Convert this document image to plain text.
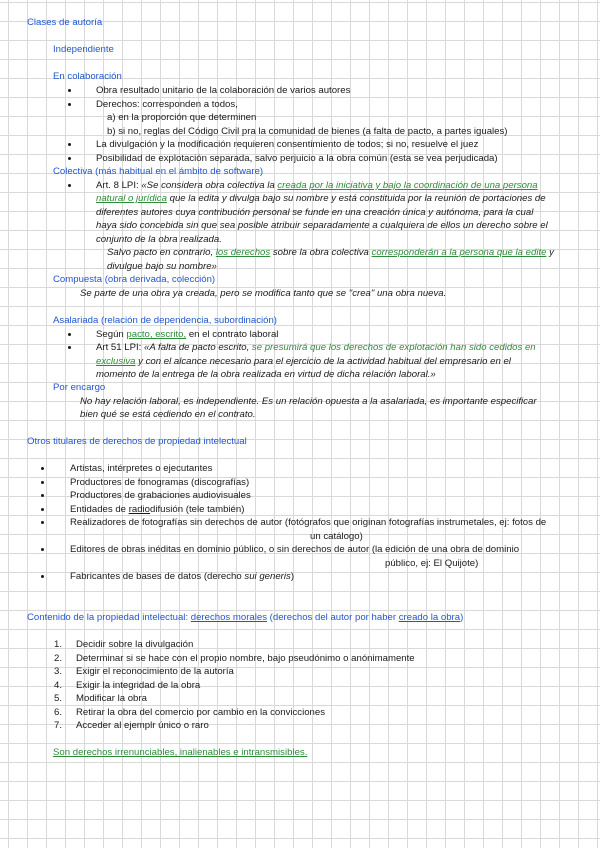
Clases de autoría
Independiente
En colaboración
Obra resultado unitario de la colaboración de varios autores
Derechos: corresponden a todos,
a) en la proporción que determinen
b) si no, reglas del Código Civil pra la comunidad de bienes (a falta de pacto, a partes iguales)
La divulgación y la modificación requieren consentimiento de todos; si no, resuelve el juez
Posibilidad de explotación separada, salvo perjuicio a la obra común (esta se vea perjudicada)
Colectiva (más habitual en el ámbito de software)
Art. 8 LPI: «Se considera obra colectiva la creada por la iniciativa y bajo la coordinación de una persona
natural o jurídica que la edita y divulga bajo su nombre y está constituida por la reunión de portaciones de
diferentes autores cuya contribución personal se funde en una creación única y autónoma, para la cual
haya sido concebida sin que sea posible atribuir separadamente a cualquiera de ellos un derecho sobre el
conjunto de la obra realizada.
Salvo pacto en contrario, los derechos sobre la obra colectiva corresponderán a la persona que la edite y
divulgue bajo su nombre»
Compuesta (obra derivada, colección)
Se parte de una obra ya creada, pero se modifica tanto que se "crea" una obra nueva.
Asalariada (relación de dependencia, subordinación)
Según pacto, escrito, en el contrato laboral
Art 51 LPI: «A falta de pacto escrito, se presumirá que los derechos de explotación han sido cedidos en
exclusiva y con el alcance necesario para el ejercicio de la actividad habitual del empresario en el
momento de la entrega de la obra realizada en virtud de dicha relación laboral.»
Por encargo
No hay relación laboral, es independiente. Es un relación opuesta a la asalariada, es importante especificar
bien qué se está cediendo en el contrato.
Otros titulares de derechos de propiedad intelectual
Artistas, intérpretes o ejecutantes
Productores de fonogramas (discografías)
Productores de grabaciones audiovisuales
Entidades de radiodifusión (tele también)
Realizadores de fotografías sin derechos de autor (fotógrafos que originan fotografías instrumetales, ej: fotos de
un catálogo)
Editores de obras inéditas en dominio público, o sin derechos de autor (la edición de una obra de dominio
público, ej: El Quijote)
Fabricantes de bases de datos (derecho sui generis)
Contenido de la propiedad intelectual: derechos morales (derechos del autor por haber creado la obra)
1. Decidir sobre la divulgación
2. Determinar si se hace con el propio nombre, bajo pseudónimo o anónimamente
3. Exigir el reconocimiento de la autoría
4. Exigir la integridad de la obra
5. Modificar la obra
6. Retirar la obra del comercio por cambio en la convicciones
7. Acceder al ejemplr único o raro
Son derechos irrenunciables, inalienables e intransmisibles.
